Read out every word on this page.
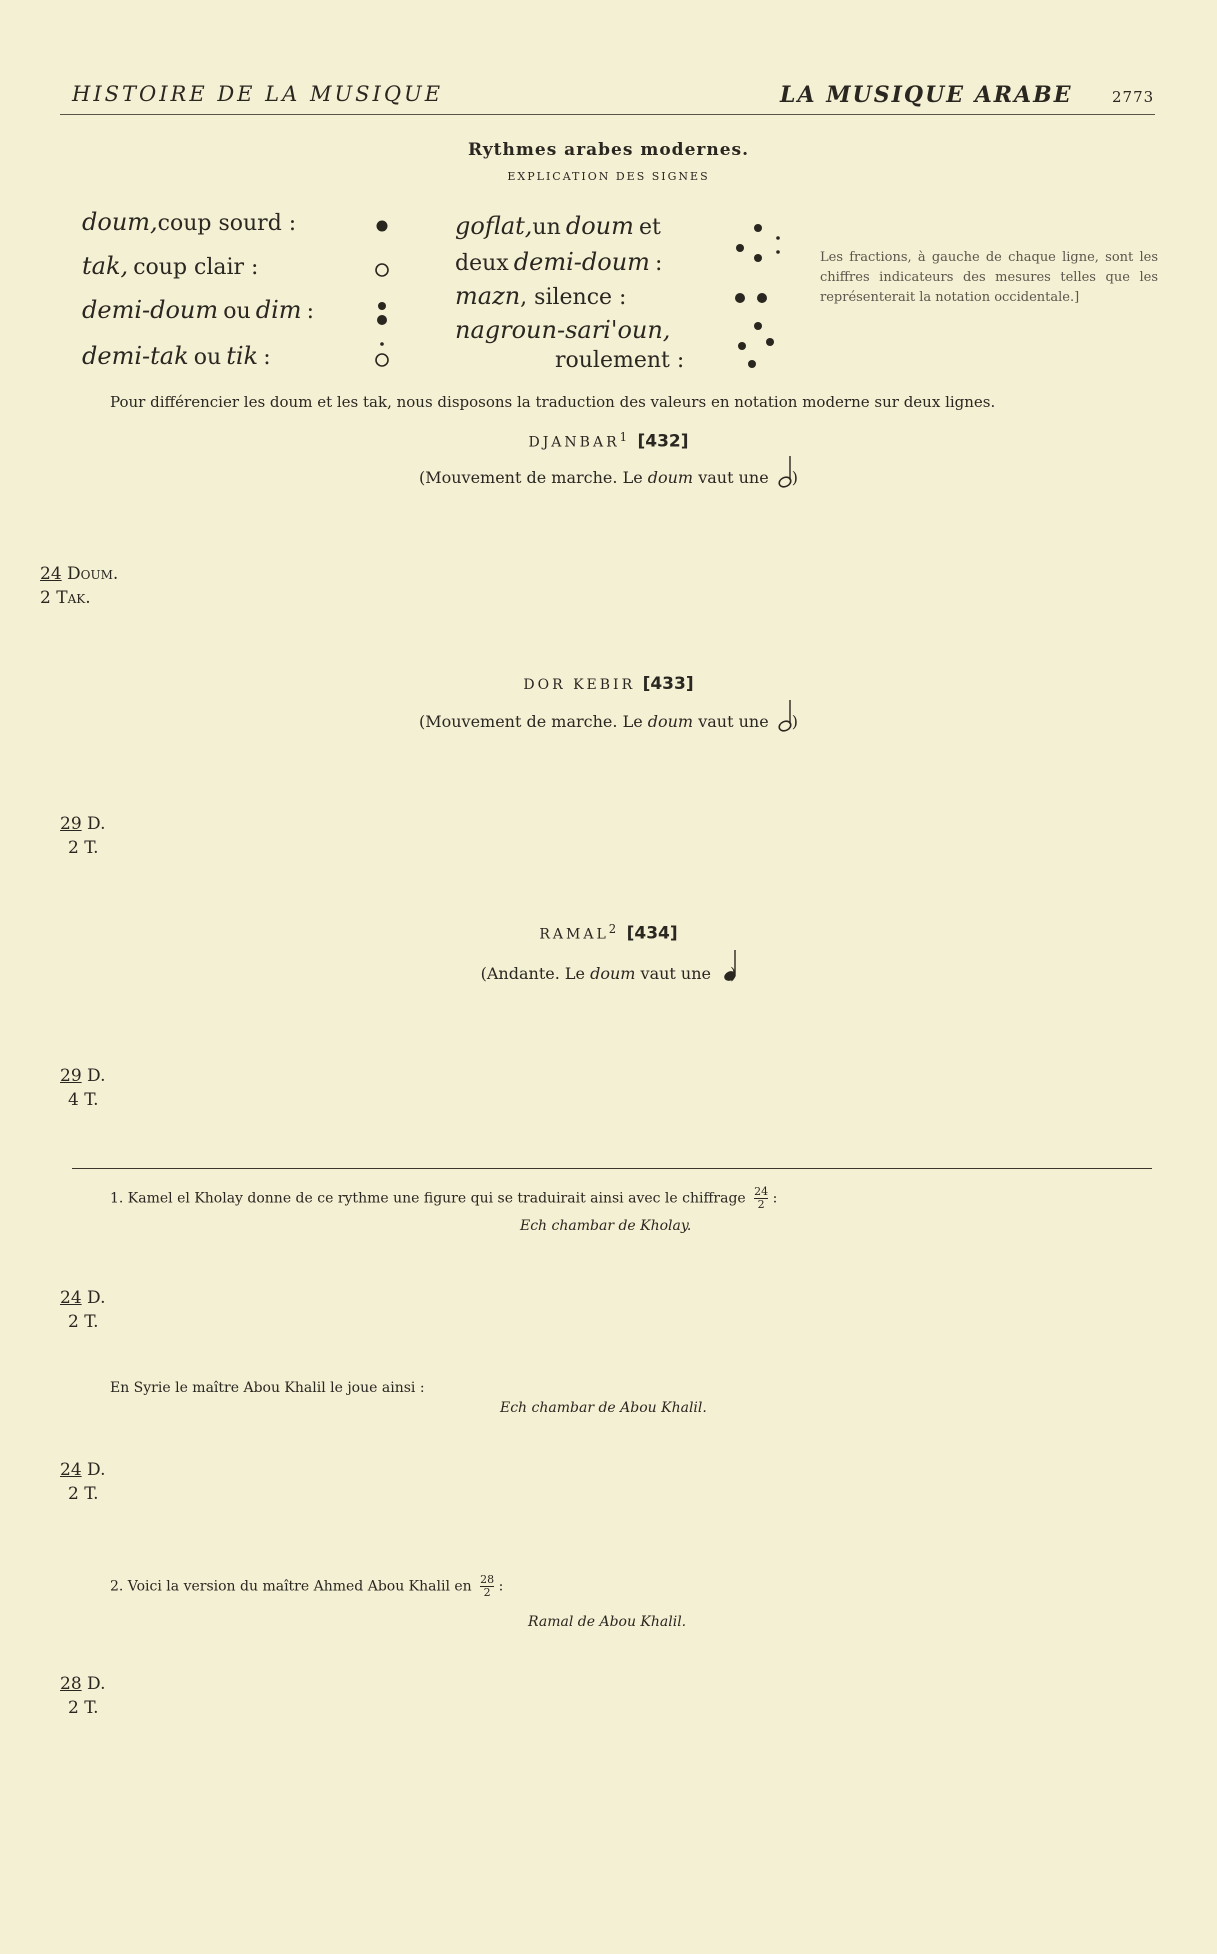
HISTOIRE DE LA MUSIQUE	LA MUSIQUE ARABE	2773
Rythmes arabes modernes.
EXPLICATION DES SIGNES
doum,coup sourd :
tak, coup clair :
demi-doum ou dim :
demi-tak ou tik :
goflat,un doum et
deux demi-doum :
mazn, silence :
nagroun-sari'oun,
roulement :
Les fractions, à gauche de chaque ligne, sont les chiffres indicateurs des mesures telles que les représenterait la notation occidentale.]
Pour différencier les doum et les tak, nous disposons la traduction des valeurs en notation moderne sur deux lignes.
DJANBAR$^1$ [432]
(Mouvement de marche. Le doum vaut une )
DOR KEBIR [433]
(Mouvement de marche. Le doum vaut une )
RAMAL$^2$ [434]
(Andante. Le doum vaut une
24 Doum.
2 Tak.
29 D.
2 T.
29 D.
4 T.
1. Kamel el Kholay donne de ce rythme une figure qui se traduirait ainsi avec le chiffrage $\frac{24}{2}$ :
Ech chambar de Kholay.
24 D.
2 T.
En Syrie le maître Abou Khalil le joue ainsi :
Ech chambar de Abou Khalil.
24 D.
2 T.
2. Voici la version du maître Ahmed Abou Khalil en $\frac{28}{2}$ :
Ramal de Abou Khalil.
28 D.
2 T.
